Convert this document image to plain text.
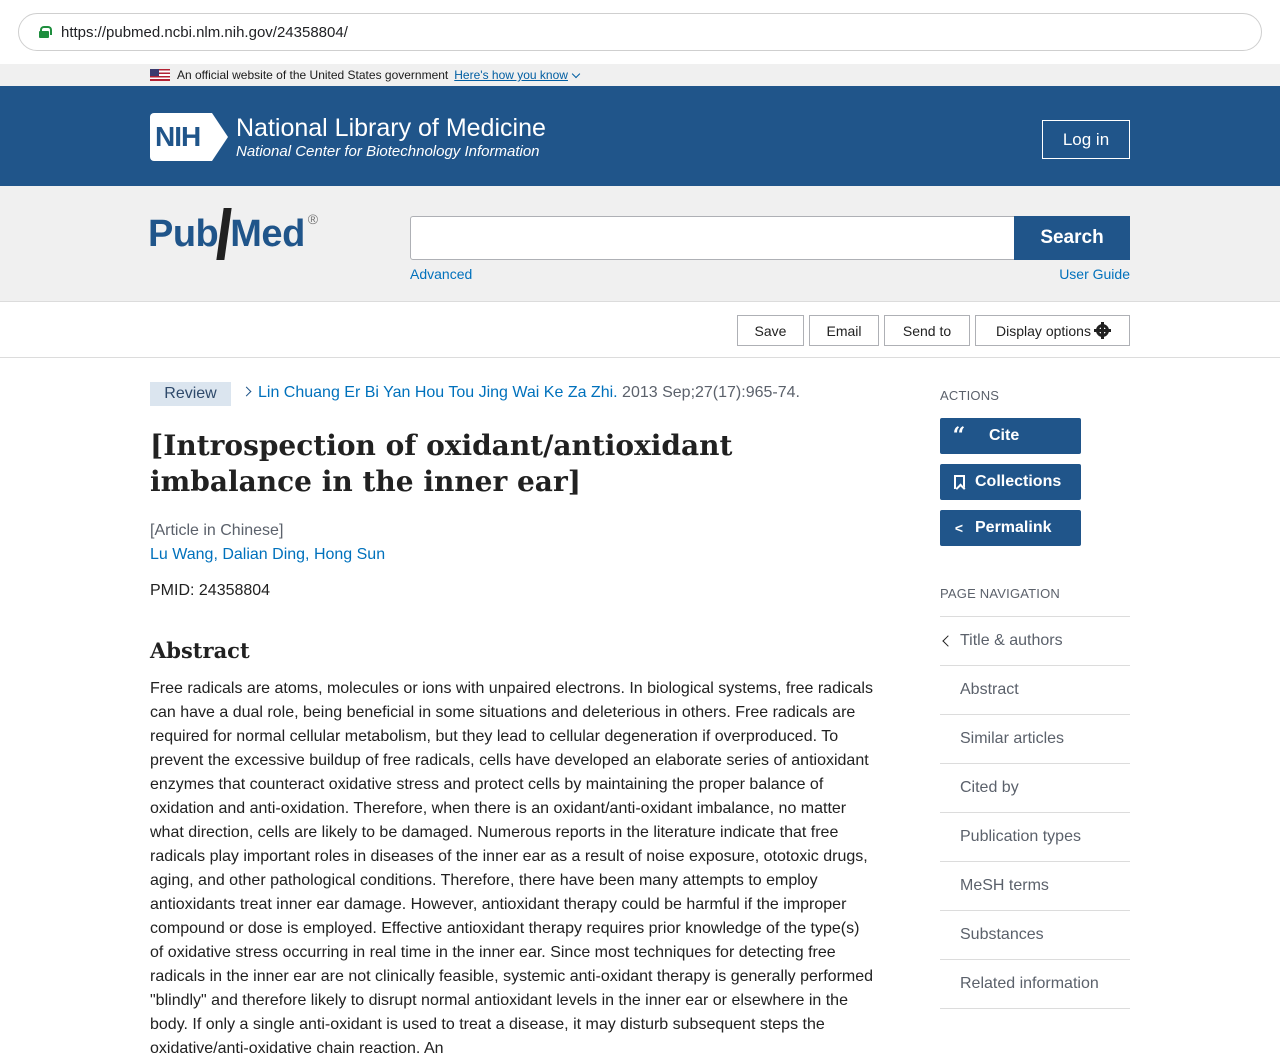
https://pubmed.ncbi.nlm.nih.gov/24358804/
An official website of the United States government Here's how you know
NIH	National Library of Medicine
National Center for Biotechnology Information
Log in
Pub Med ®
Search
Advanced	User Guide
Save	Email	Send to	Display options
Review	Lin Chuang Er Bi Yan Hou Tou Jing Wai Ke Za Zhi. 2013 Sep;27(17):965-74.
[Introspection of oxidant/antioxidant imbalance in the inner ear]
[Article in Chinese]
Lu Wang, Dalian Ding, Hong Sun
PMID: 24358804
Abstract

Free radicals are atoms, molecules or ions with unpaired electrons. In biological systems, free radicals can have a dual role, being beneficial in some situations and deleterious in others. Free radicals are required for normal cellular metabolism, but they lead to cellular degeneration if overproduced. To prevent the excessive buildup of free radicals, cells have developed an elaborate series of antioxidant enzymes that counteract oxidative stress and protect cells by maintaining the proper balance of oxidation and anti-oxidation. Therefore, when there is an oxidant/anti-oxidant imbalance, no matter what direction, cells are likely to be damaged. Numerous reports in the literature indicate that free radicals play important roles in diseases of the inner ear as a result of noise exposure, ototoxic drugs, aging, and other pathological conditions. Therefore, there have been many attempts to employ antioxidants treat inner ear damage. However, antioxidant therapy could be harmful if the improper compound or dose is employed. Effective antioxidant therapy requires prior knowledge of the type(s) of oxidative stress occurring in real time in the inner ear. Since most techniques for detecting free radicals in the inner ear are not clinically feasible, systemic anti-oxidant therapy is generally performed "blindly" and therefore likely to disrupt normal antioxidant levels in the inner ear or elsewhere in the body. If only a single anti-oxidant is used to treat a disease, it may disturb subsequent steps the oxidative/anti-oxidative chain reaction. An

ACTIONS
“ Cite
Collections
< Permalink
PAGE NAVIGATION
Title & authors
Abstract
Similar articles
Cited by
Publication types
MeSH terms
Substances
Related information
